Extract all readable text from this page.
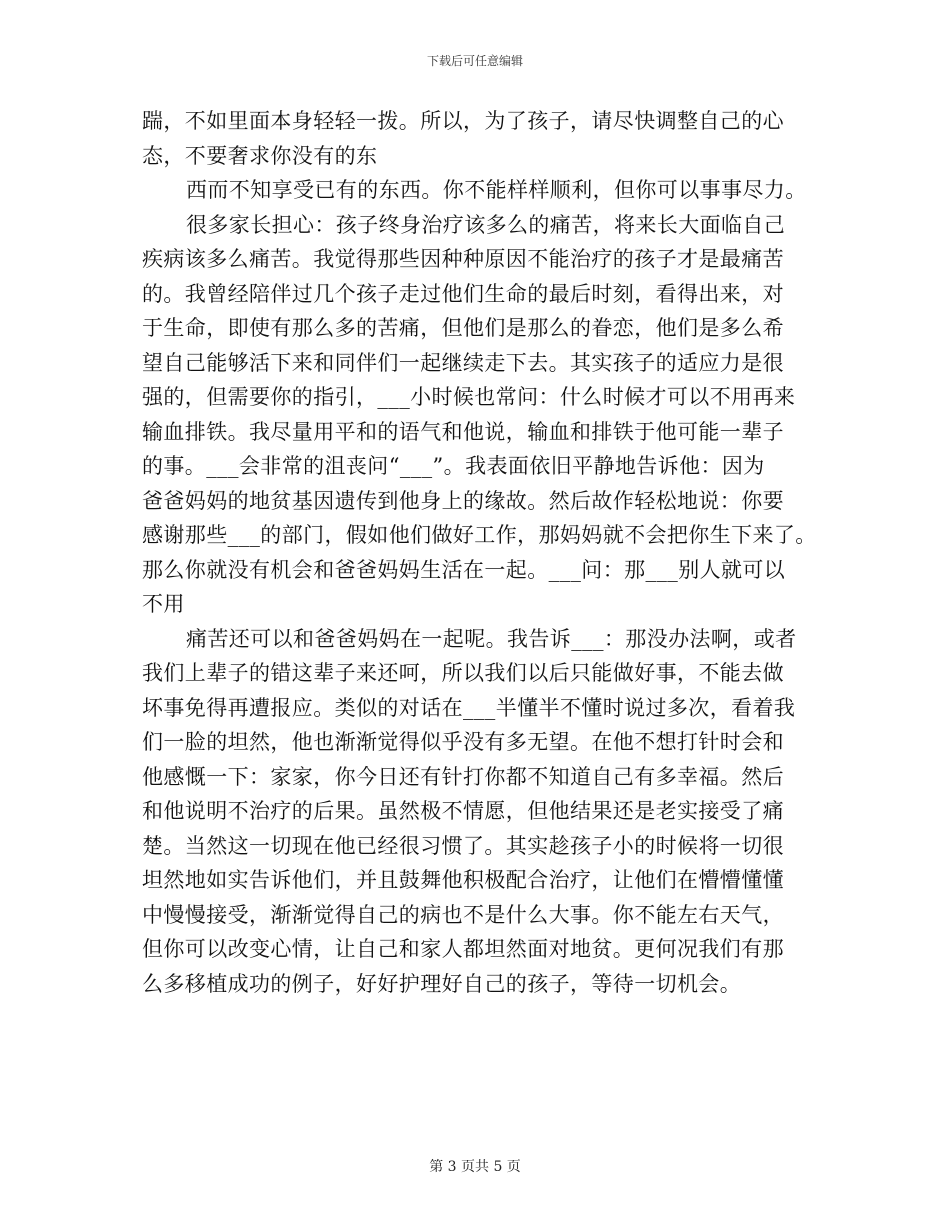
下载后可任意编辑
踹，不如里面本身轻轻一拨。所以，为了孩子，请尽快调整自己的心
态，不要奢求你没有的东
西而不知享受已有的东西。你不能样样顺利，但你可以事事尽力。
很多家长担心：孩子终身治疗该多么的痛苦，将来长大面临自己
疾病该多么痛苦。我觉得那些因种种原因不能治疗的孩子才是最痛苦
的。我曾经陪伴过几个孩子走过他们生命的最后时刻，看得出来，对
于生命，即使有那么多的苦痛，但他们是那么的眷恋，他们是多么希
望自己能够活下来和同伴们一起继续走下去。其实孩子的适应力是很
强的，但需要你的指引，___小时候也常问：什么时候才可以不用再来
输血排铁。我尽量用平和的语气和他说，输血和排铁于他可能一辈子
的事。___会非常的沮丧问“___”。我表面依旧平静地告诉他：因为
爸爸妈妈的地贫基因遗传到他身上的缘故。然后故作轻松地说：你要
感谢那些___的部门，假如他们做好工作，那妈妈就不会把你生下来了。
那么你就没有机会和爸爸妈妈生活在一起。___问：那___别人就可以
不用
痛苦还可以和爸爸妈妈在一起呢。我告诉___：那没办法啊，或者
我们上辈子的错这辈子来还呵，所以我们以后只能做好事，不能去做
坏事免得再遭报应。类似的对话在___半懂半不懂时说过多次，看着我
们一脸的坦然，他也渐渐觉得似乎没有多无望。在他不想打针时会和
他感慨一下：家家，你今日还有针打你都不知道自己有多幸福。然后
和他说明不治疗的后果。虽然极不情愿，但他结果还是老实接受了痛
楚。当然这一切现在他已经很习惯了。其实趁孩子小的时候将一切很
坦然地如实告诉他们，并且鼓舞他积极配合治疗，让他们在懵懵懂懂
中慢慢接受，渐渐觉得自己的病也不是什么大事。你不能左右天气，
但你可以改变心情，让自己和家人都坦然面对地贫。更何况我们有那
么多移植成功的例子，好好护理好自己的孩子，等待一切机会。
第 3 页共 5 页
